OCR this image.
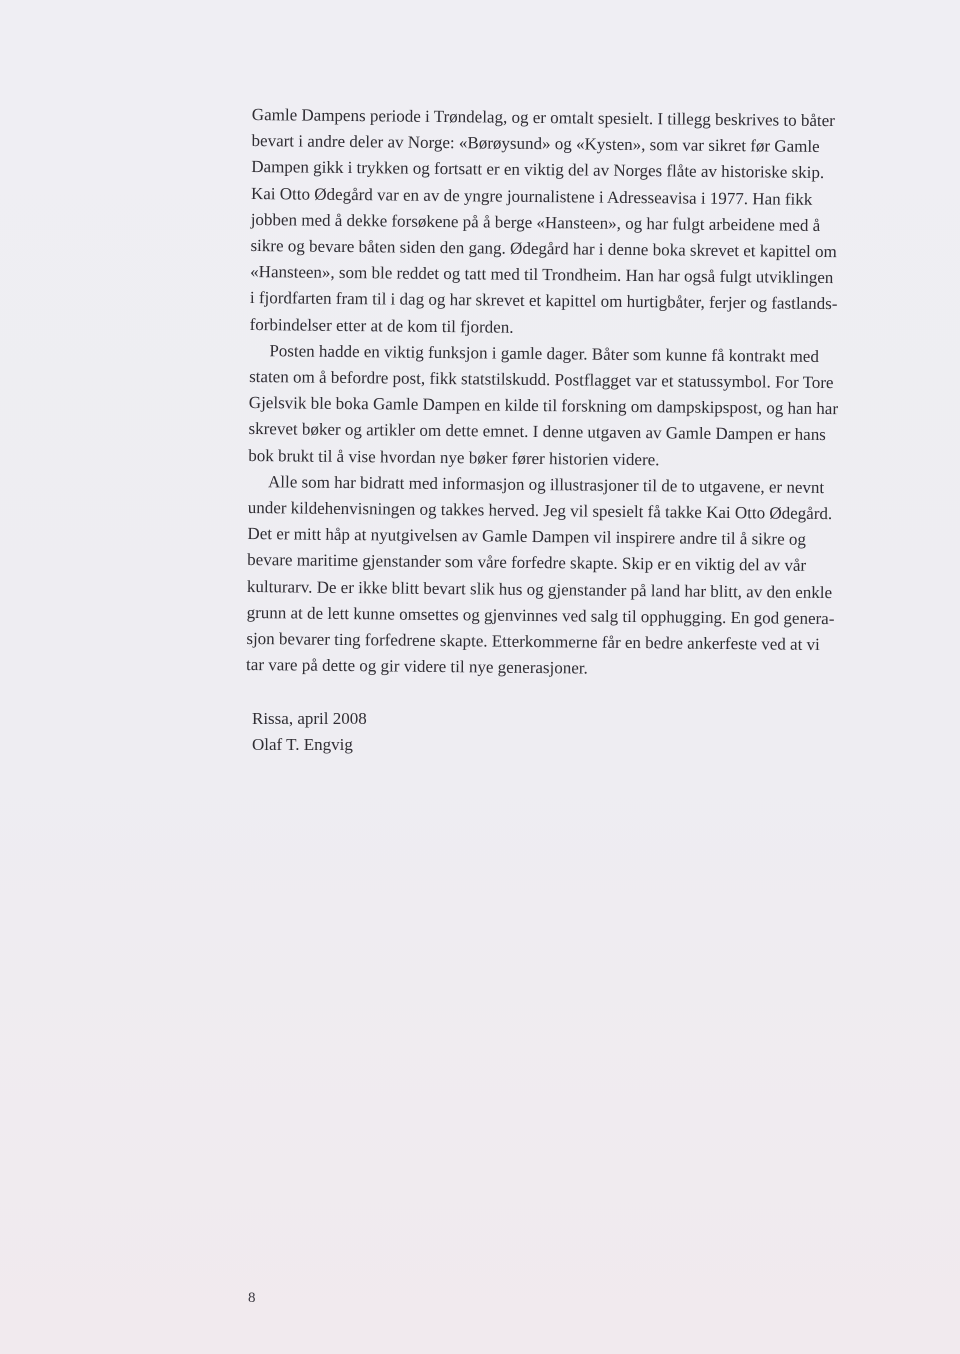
Gamle Dampens periode i Trøndelag, og er omtalt spesielt. I tillegg beskrives to båter
bevart i andre deler av Norge: «Børøysund» og «Kysten», som var sikret før Gamle
Dampen gikk i trykken og fortsatt er en viktig del av Norges flåte av historiske skip.
Kai Otto Ødegård var en av de yngre journalistene i Adresseavisa i 1977. Han fikk
jobben med å dekke forsøkene på å berge «Hansteen», og har fulgt arbeidene med å
sikre og bevare båten siden den gang. Ødegård har i denne boka skrevet et kapittel om
«Hansteen», som ble reddet og tatt med til Trondheim. Han har også fulgt utviklingen
i fjordfarten fram til i dag og har skrevet et kapittel om hurtigbåter, ferjer og fastlands-
forbindelser etter at de kom til fjorden.

Posten hadde en viktig funksjon i gamle dager. Båter som kunne få kontrakt med
staten om å befordre post, fikk statstilskudd. Postflagget var et statussymbol. For Tore
Gjelsvik ble boka Gamle Dampen en kilde til forskning om dampskipspost, og han har
skrevet bøker og artikler om dette emnet. I denne utgaven av Gamle Dampen er hans
bok brukt til å vise hvordan nye bøker fører historien videre.

Alle som har bidratt med informasjon og illustrasjoner til de to utgavene, er nevnt
under kildehenvisningen og takkes herved. Jeg vil spesielt få takke Kai Otto Ødegård.
Det er mitt håp at nyutgivelsen av Gamle Dampen vil inspirere andre til å sikre og
bevare maritime gjenstander som våre forfedre skapte. Skip er en viktig del av vår
kulturarv. De er ikke blitt bevart slik hus og gjenstander på land har blitt, av den enkle
grunn at de lett kunne omsettes og gjenvinnes ved salg til opphugging. En god genera-
sjon bevarer ting forfedrene skapte. Etterkommerne får en bedre ankerfeste ved at vi
tar vare på dette og gir videre til nye generasjoner.

Rissa, april 2008
Olaf T. Engvig
8
